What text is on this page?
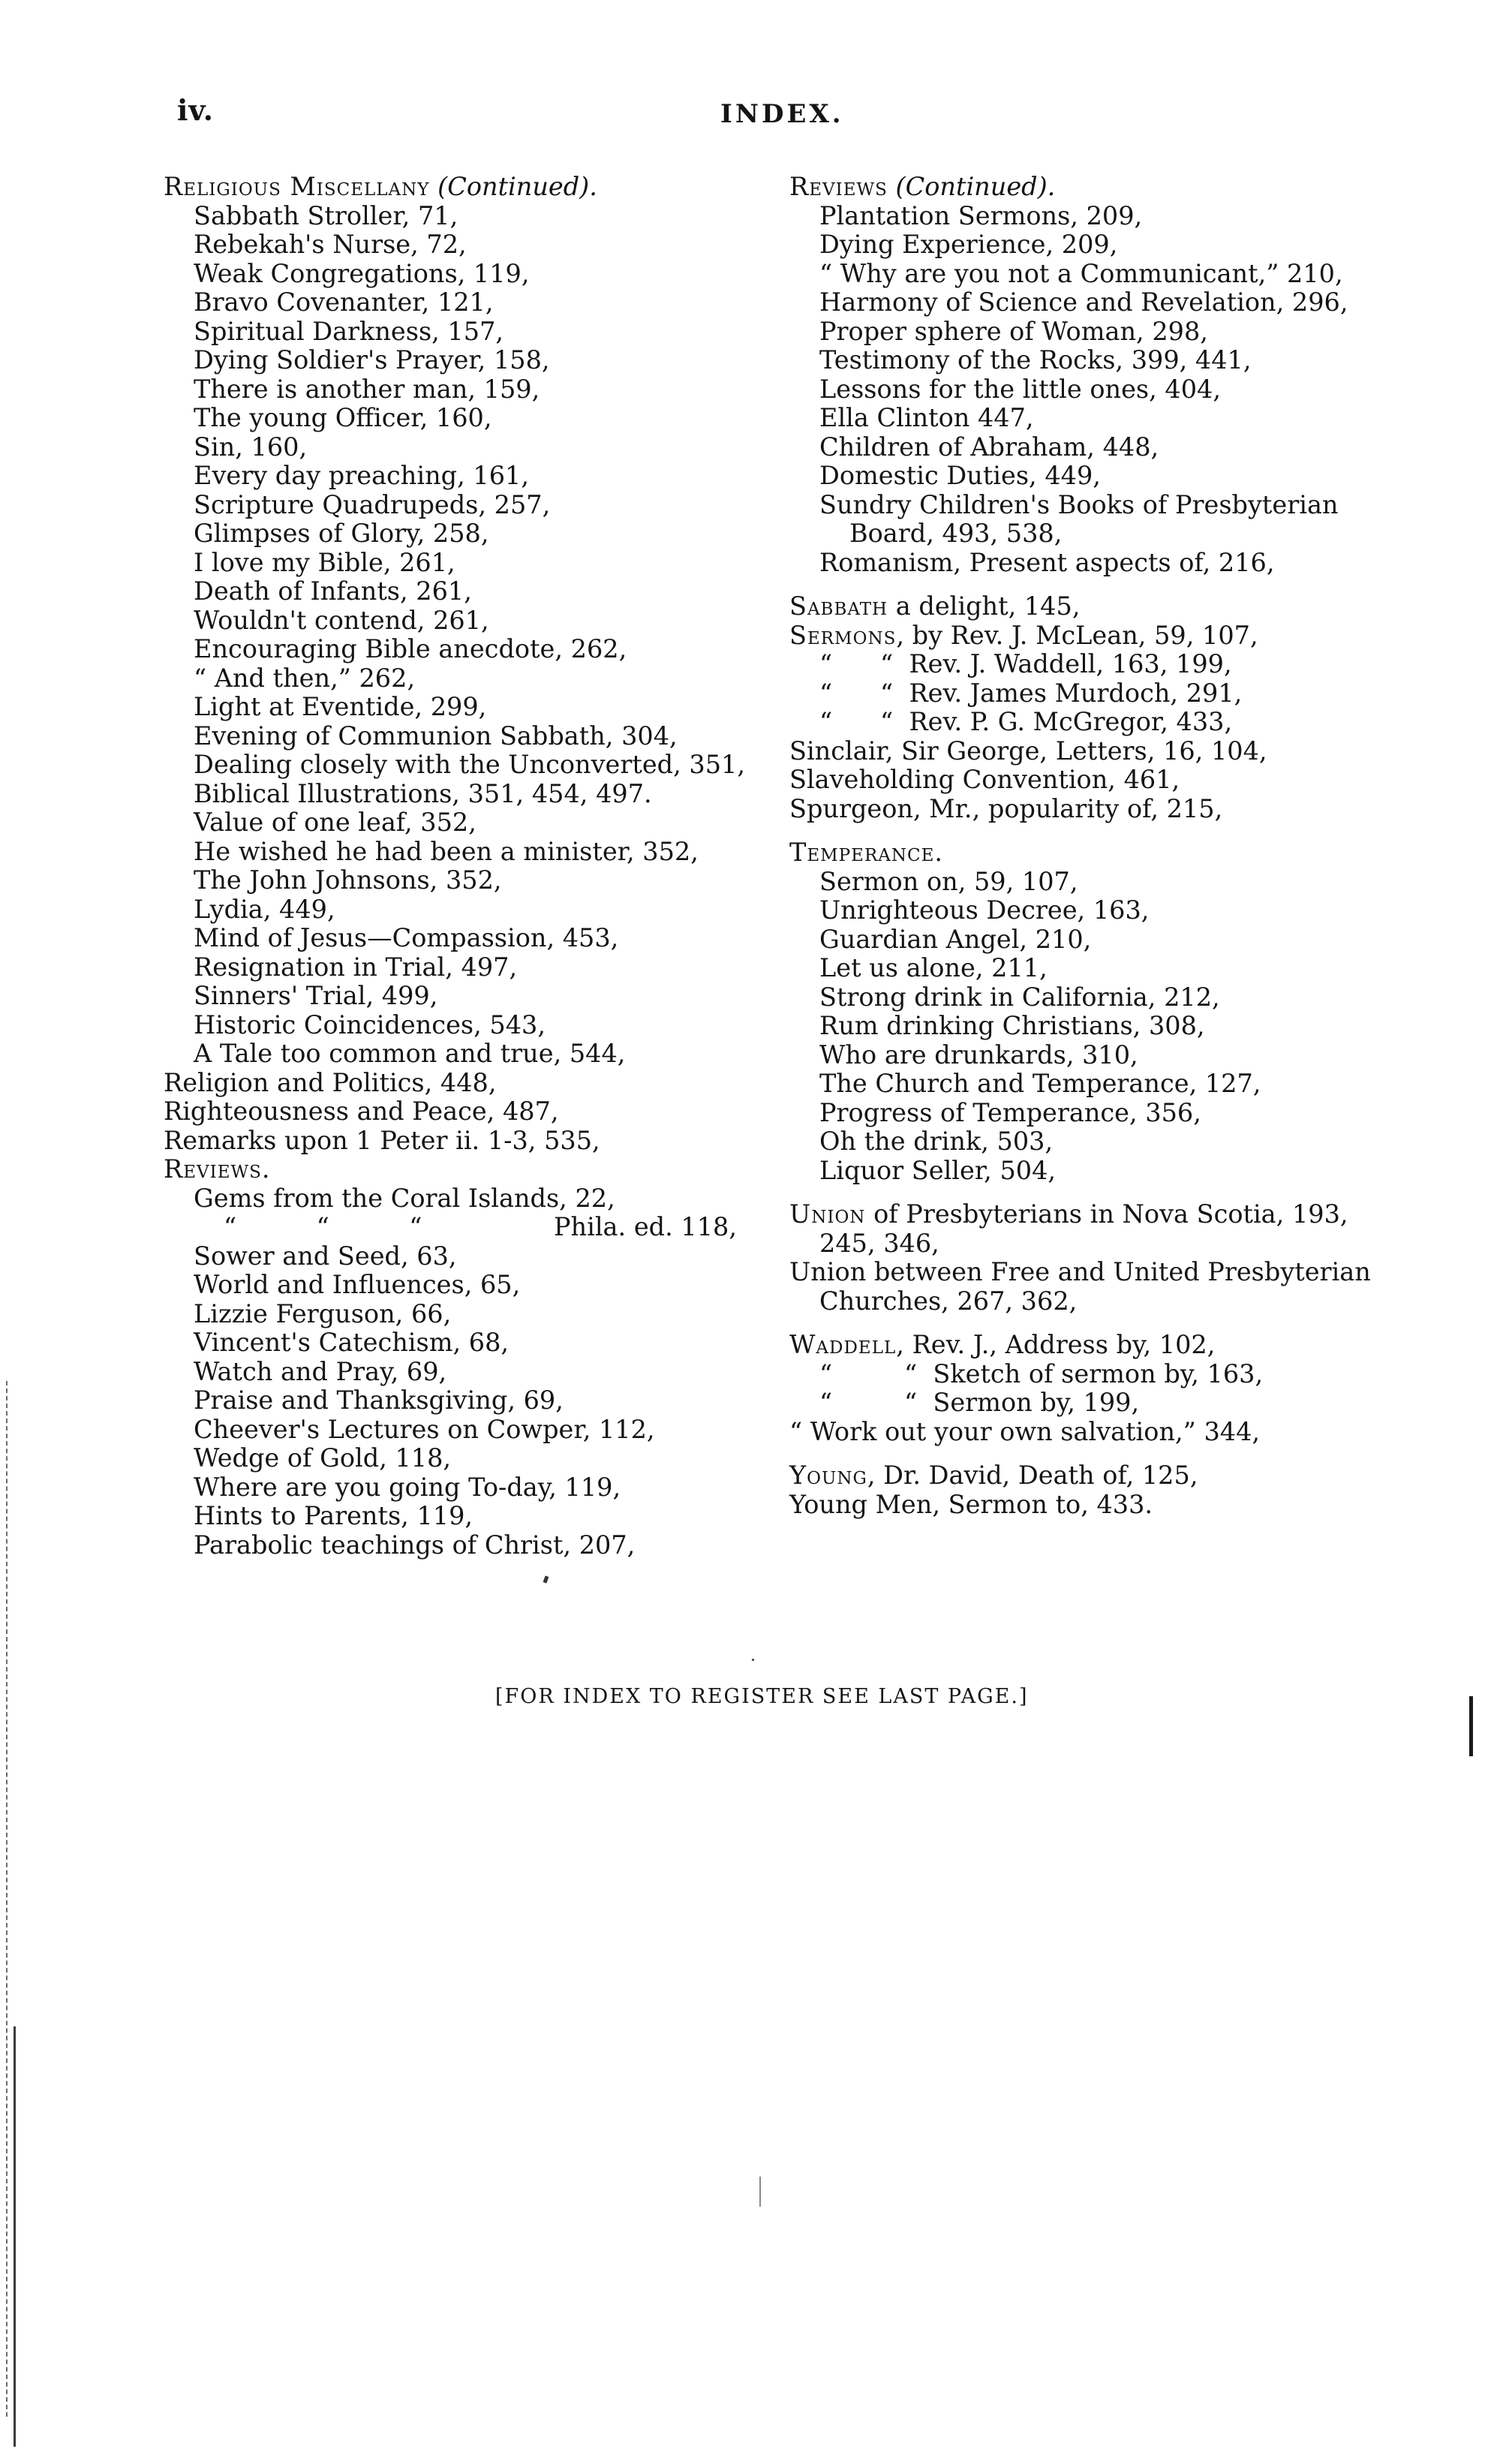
iv.	INDEX.
Religious Miscellany (Continued).
Sabbath Stroller, 71,
Rebekah's Nurse, 72,
Weak Congregations, 119,
Bravo Covenanter, 121,
Spiritual Darkness, 157,
Dying Soldier's Prayer, 158,
There is another man, 159,
The young Officer, 160,
Sin, 160,
Every day preaching, 161,
Scripture Quadrupeds, 257,
Glimpses of Glory, 258,
I love my Bible, 261,
Death of Infants, 261,
Wouldn't contend, 261,
Encouraging Bible anecdote, 262,
“ And then,” 262,
Light at Eventide, 299,
Evening of Communion Sabbath, 304,
Dealing closely with the Unconverted, 351,
Biblical Illustrations, 351, 454, 497.
Value of one leaf, 352,
He wished he had been a minister, 352,
The John Johnsons, 352,
Lydia, 449,
Mind of Jesus—Compassion, 453,
Resignation in Trial, 497,
Sinners' Trial, 499,
Historic Coincidences, 543,
A Tale too common and true, 544,
Religion and Politics, 448,
Righteousness and Peace, 487,
Remarks upon 1 Peter ii. 1-3, 535,
Reviews.
Gems from the Coral Islands, 22,
“          “          “	Phila. ed. 118,
Sower and Seed, 63,
World and Influences, 65,
Lizzie Ferguson, 66,
Vincent's Catechism, 68,
Watch and Pray, 69,
Praise and Thanksgiving, 69,
Cheever's Lectures on Cowper, 112,
Wedge of Gold, 118,
Where are you going To-day, 119,
Hints to Parents, 119,
Parabolic teachings of Christ, 207,
Reviews (Continued).
Plantation Sermons, 209,
Dying Experience, 209,
“ Why are you not a Communicant,” 210,
Harmony of Science and Revelation, 296,
Proper sphere of Woman, 298,
Testimony of the Rocks, 399, 441,
Lessons for the little ones, 404,
Ella Clinton 447,
Children of Abraham, 448,
Domestic Duties, 449,
Sundry Children's Books of Presbyterian
Board, 493, 538,
Romanism, Present aspects of, 216,
Sabbath a delight, 145,
Sermons, by Rev. J. McLean, 59, 107,
“      “  Rev. J. Waddell, 163, 199,
“      “  Rev. James Murdoch, 291,
“      “  Rev. P. G. McGregor, 433,
Sinclair, Sir George, Letters, 16, 104,
Slaveholding Convention, 461,
Spurgeon, Mr., popularity of, 215,
Temperance.
Sermon on, 59, 107,
Unrighteous Decree, 163,
Guardian Angel, 210,
Let us alone, 211,
Strong drink in California, 212,
Rum drinking Christians, 308,
Who are drunkards, 310,
The Church and Temperance, 127,
Progress of Temperance, 356,
Oh the drink, 503,
Liquor Seller, 504,
Union of Presbyterians in Nova Scotia, 193,
245, 346,
Union between Free and United Presbyterian
Churches, 267, 362,
Waddell, Rev. J., Address by, 102,
“         “  Sketch of sermon by, 163,
“         “  Sermon by, 199,
“ Work out your own salvation,” 344,
Young, Dr. David, Death of, 125,
Young Men, Sermon to, 433.
[FOR INDEX TO REGISTER SEE LAST PAGE.]
